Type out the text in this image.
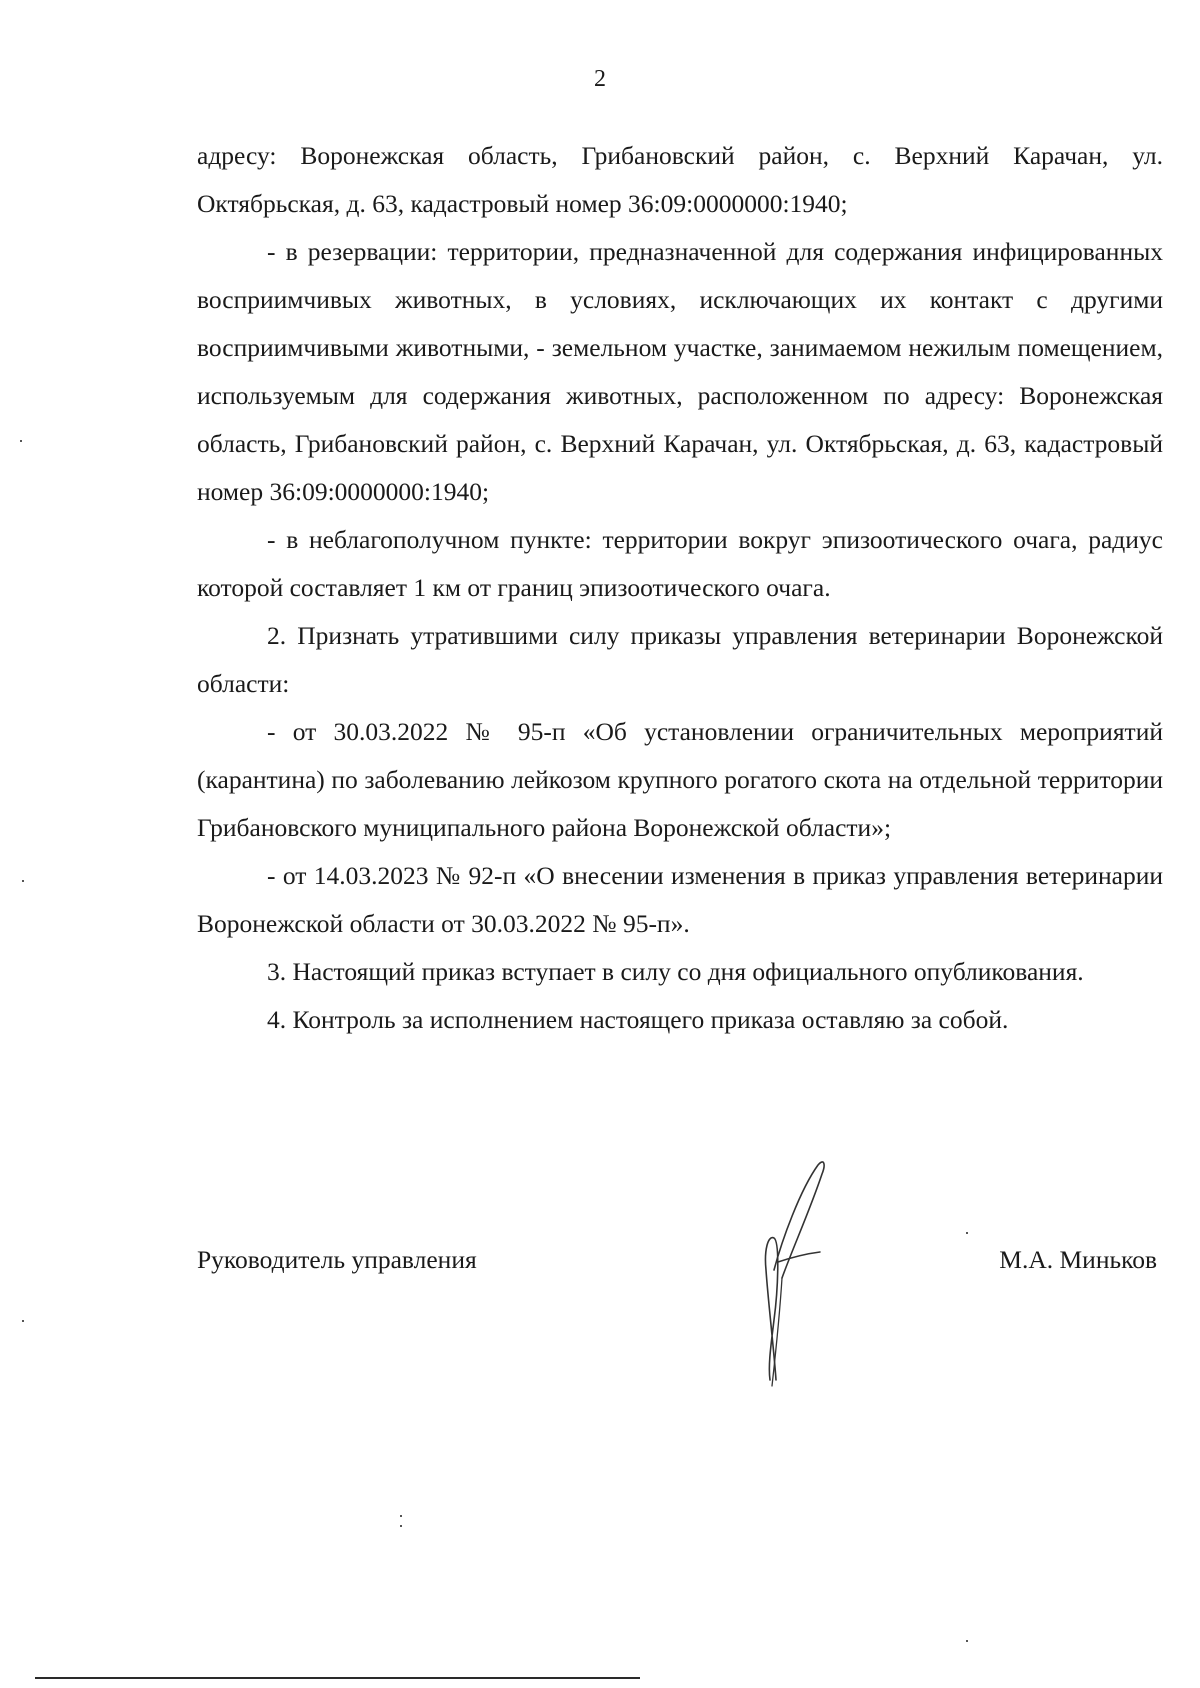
2

адресу: Воронежская область, Грибановский район, с. Верхний Карачан, ул. Октябрьская, д. 63, кадастровый номер 36:09:0000000:1940;

- в резервации: территории, предназначенной для содержания инфицированных восприимчивых животных, в условиях, исключающих их контакт с другими восприимчивыми животными, - земельном участке, занимаемом нежилым помещением, используемым для содержания животных, расположенном по адресу: Воронежская область, Грибановский район, с. Верхний Карачан, ул. Октябрьская, д. 63, кадастровый номер 36:09:0000000:1940;

- в неблагополучном пункте: территории вокруг эпизоотического очага, радиус которой составляет 1 км от границ эпизоотического очага.

2. Признать утратившими силу приказы управления ветеринарии Воронежской области:

- от 30.03.2022 № 95-п «Об установлении ограничительных мероприятий (карантина) по заболеванию лейкозом крупного рогатого скота на отдельной территории Грибановского муниципального района Воронежской области»;

- от 14.03.2023 № 92-п «О внесении изменения в приказ управления ветеринарии Воронежской области от 30.03.2022 № 95-п».

3. Настоящий приказ вступает в силу со дня официального опубликования.

4. Контроль за исполнением настоящего приказа оставляю за собой.

Руководитель управления	М.А. Миньков
